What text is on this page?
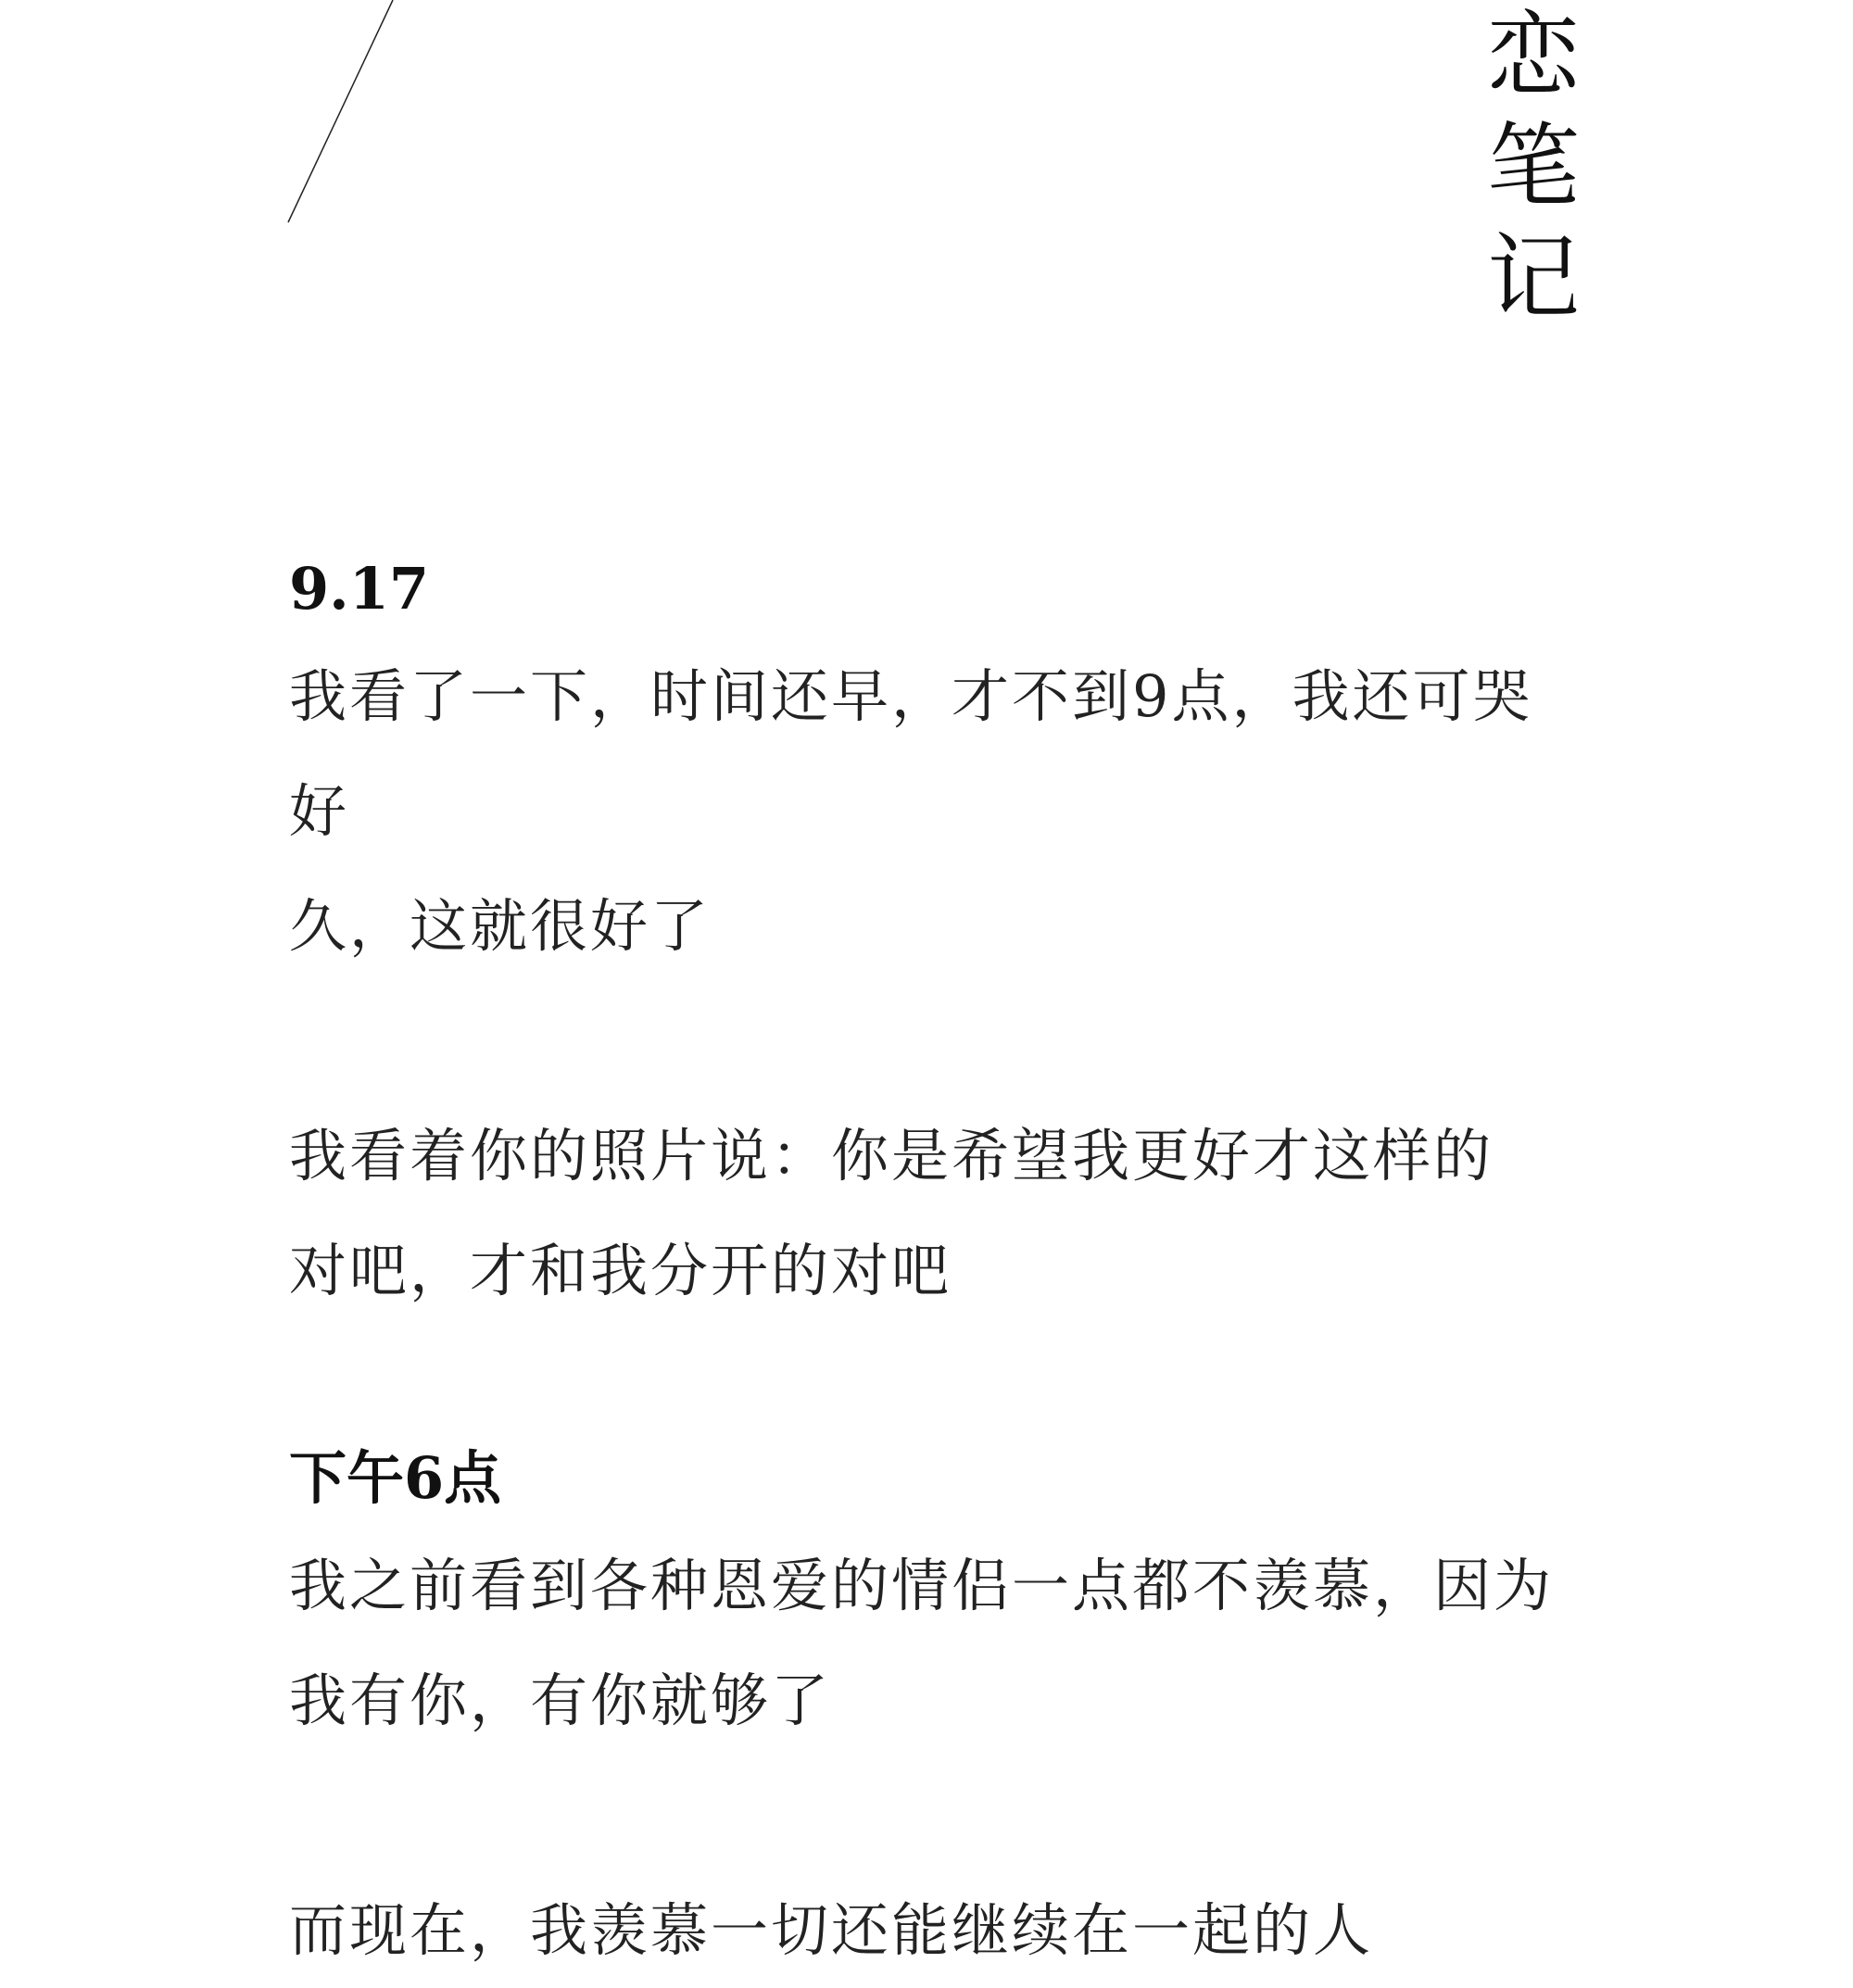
恋
笔
记
9.17

我看了一下，时间还早，才不到9点，我还可哭好

久，这就很好了

我看着你的照片说：你是希望我更好才这样的

对吧，才和我分开的对吧

下午6点

我之前看到各种恩爱的情侣一点都不羡慕，因为

我有你，有你就够了

而现在，我羡慕一切还能继续在一起的人
